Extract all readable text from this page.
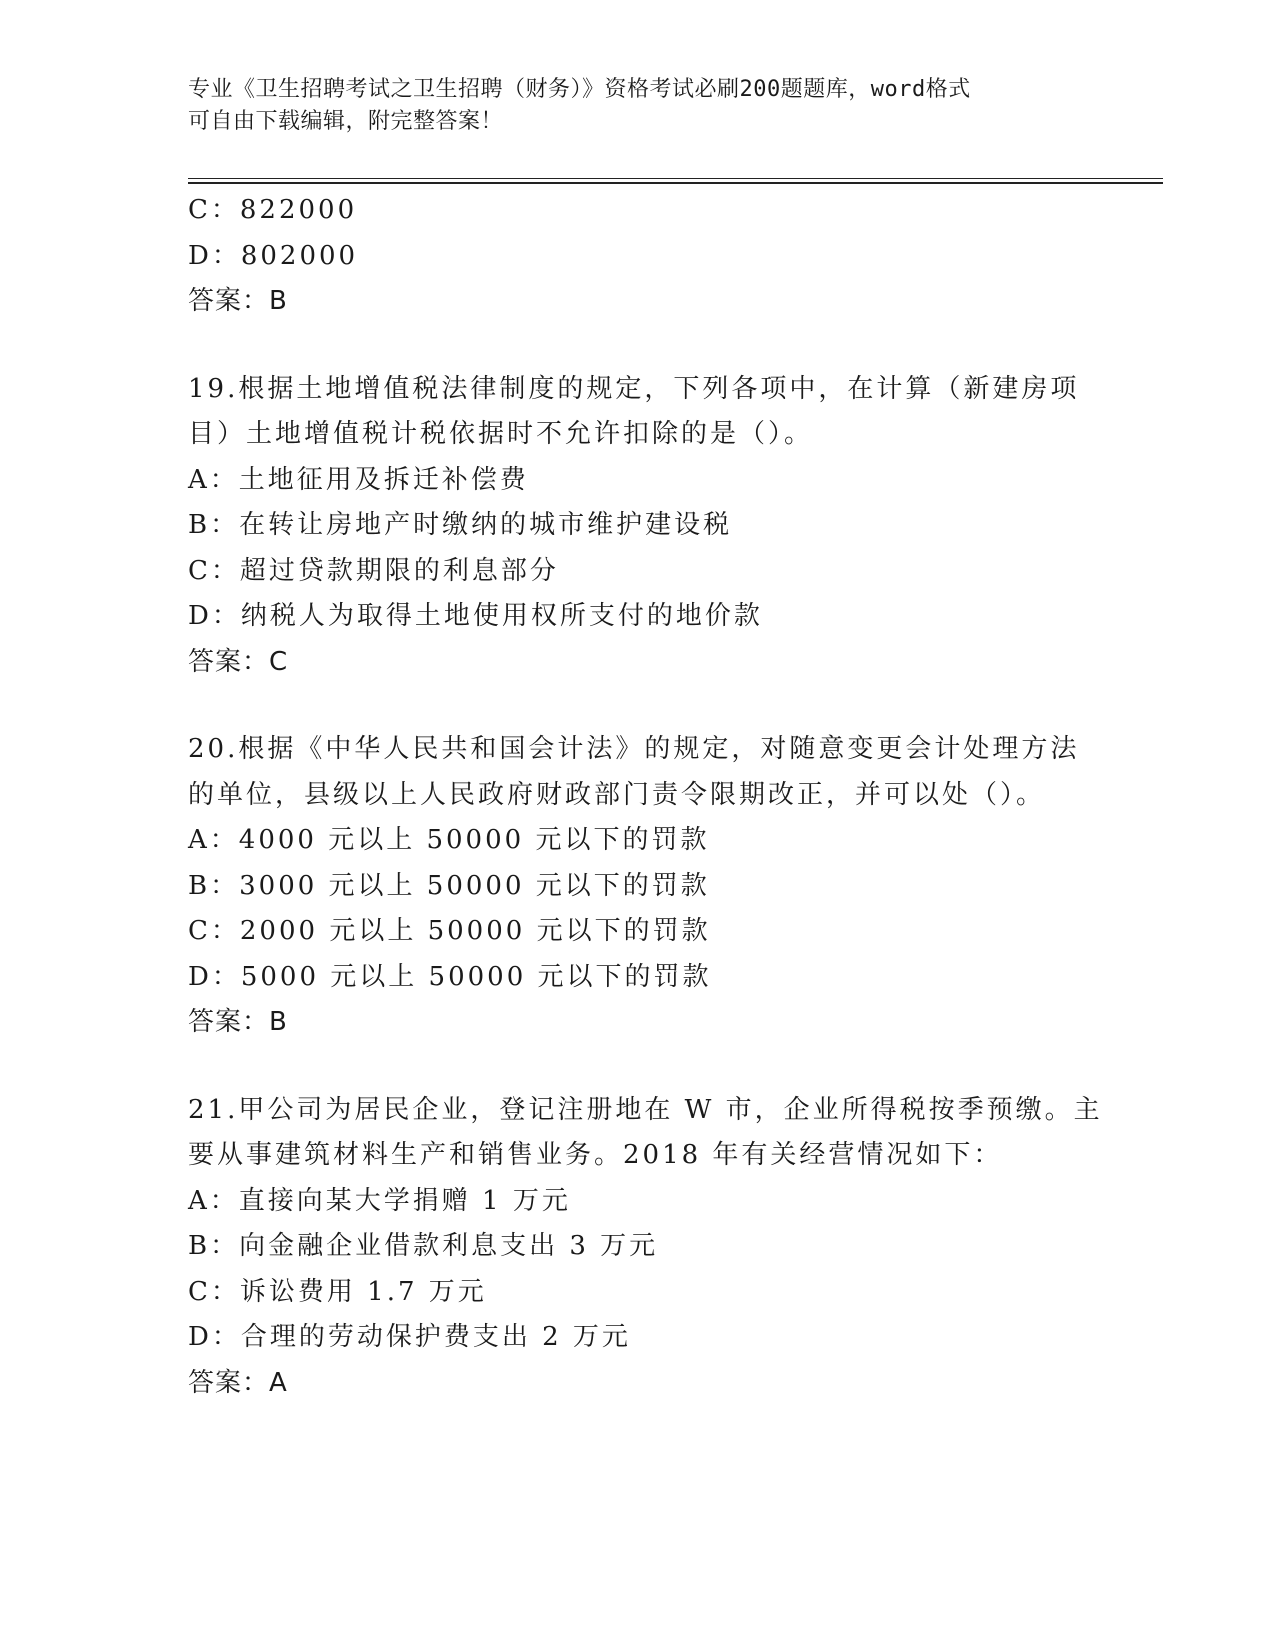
专业《卫生招聘考试之卫生招聘（财务）》资格考试必刷200题题库，word格式
可自由下载编辑，附完整答案！
C：822000
D：802000
答案：B
19.根据土地增值税法律制度的规定，下列各项中，在计算（新建房项
目）土地增值税计税依据时不允许扣除的是（）。
A：土地征用及拆迁补偿费
B：在转让房地产时缴纳的城市维护建设税
C：超过贷款期限的利息部分
D：纳税人为取得土地使用权所支付的地价款
答案：C
20.根据《中华人民共和国会计法》的规定，对随意变更会计处理方法
的单位，县级以上人民政府财政部门责令限期改正，并可以处（）。
A：4000 元以上 50000 元以下的罚款
B：3000 元以上 50000 元以下的罚款
C：2000 元以上 50000 元以下的罚款
D：5000 元以上 50000 元以下的罚款
答案：B
21.甲公司为居民企业，登记注册地在 W 市，企业所得税按季预缴。主
要从事建筑材料生产和销售业务。2018 年有关经营情况如下：
A：直接向某大学捐赠 1 万元
B：向金融企业借款利息支出 3 万元
C：诉讼费用 1.7 万元
D：合理的劳动保护费支出 2 万元
答案：A
